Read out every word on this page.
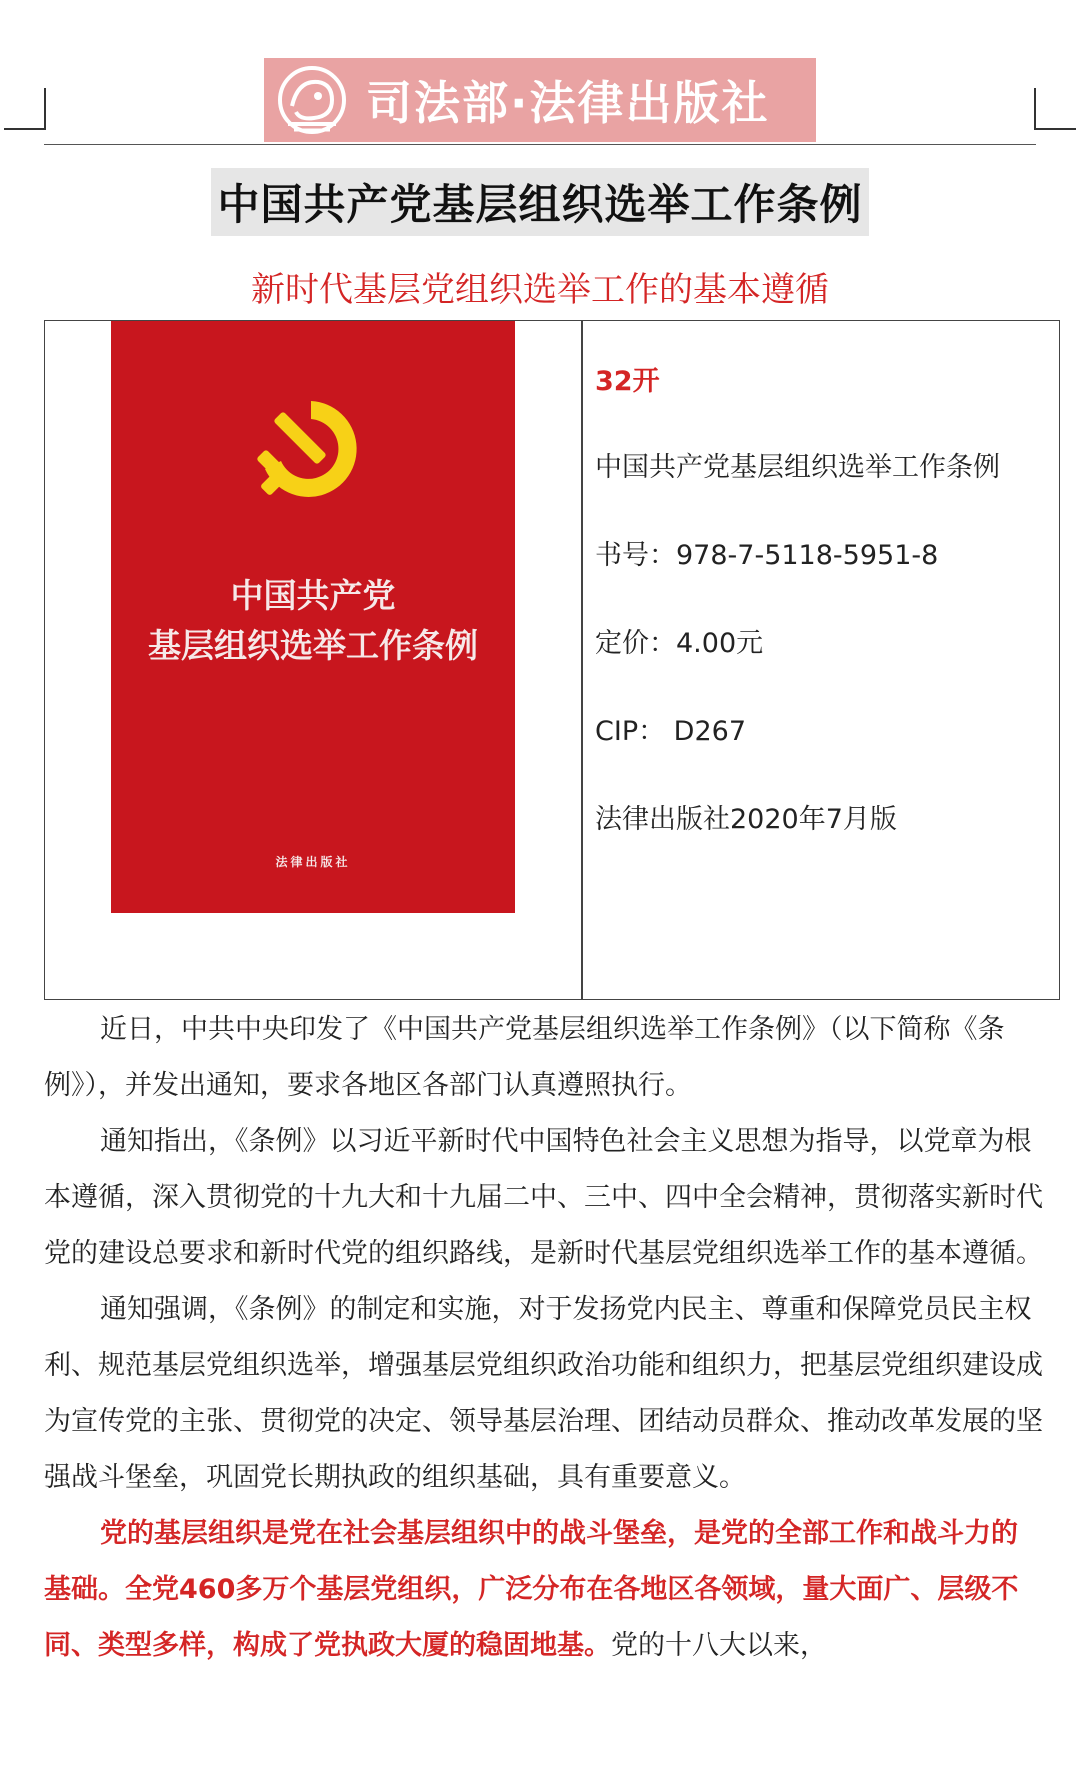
司法部·法律出版社
中国共产党基层组织选举工作条例
新时代基层党组织选举工作的基本遵循
中国共产党
基层组织选举工作条例
法律出版社
32开
中国共产党基层组织选举工作条例
书号：978-7-5118-5951-8
定价：4.00元
CIP： D267
法律出版社2020年7月版

近日，中共中央印发了《中国共产党基层组织选举工作条例》（以下简称《条例》），并发出通知，要求各地区各部门认真遵照执行。

通知指出，《条例》以习近平新时代中国特色社会主义思想为指导，以党章为根本遵循，深入贯彻党的十九大和十九届二中、三中、四中全会精神，贯彻落实新时代党的建设总要求和新时代党的组织路线，是新时代基层党组织选举工作的基本遵循。

通知强调，《条例》的制定和实施，对于发扬党内民主、尊重和保障党员民主权利、规范基层党组织选举，增强基层党组织政治功能和组织力，把基层党组织建设成为宣传党的主张、贯彻党的决定、领导基层治理、团结动员群众、推动改革发展的坚强战斗堡垒，巩固党长期执政的组织基础，具有重要意义。

党的基层组织是党在社会基层组织中的战斗堡垒，是党的全部工作和战斗力的基础。全党460多万个基层党组织，广泛分布在各地区各领域，量大面广、层级不同、类型多样，构成了党执政大厦的稳固地基。党的十八大以来，
